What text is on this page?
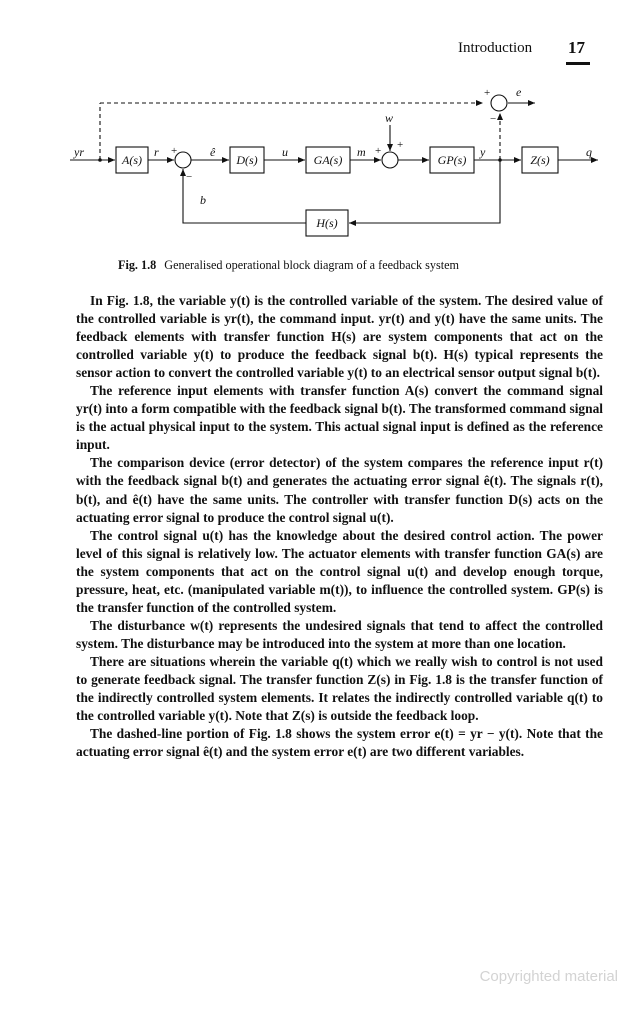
Introduction 17
A(s)	D(s)	GA(s)	GP(s)	Z(s)
H(s)
yr	r	ê	u	m
w
y	q
b
e
+
−
+ +
+
−
Fig. 1.8 Generalised operational block diagram of a feedback system

In Fig. 1.8, the variable y(t) is the controlled variable of the system. The desired value of the controlled variable is yr(t), the command input. yr(t) and y(t) have the same units. The feedback elements with transfer function H(s) are system components that act on the controlled variable y(t) to produce the feedback signal b(t). H(s) typical represents the sensor action to convert the controlled variable y(t) to an electrical sensor output signal b(t).

The reference input elements with transfer function A(s) convert the command signal yr(t) into a form compatible with the feedback signal b(t). The transformed command signal is the actual physical input to the system. This actual signal input is defined as the reference input.

The comparison device (error detector) of the system compares the reference input r(t) with the feedback signal b(t) and generates the actuating error signal ê(t). The signals r(t), b(t), and ê(t) have the same units. The controller with transfer function D(s) acts on the actuating error signal to produce the control signal u(t).

The control signal u(t) has the knowledge about the desired control action. The power level of this signal is relatively low. The actuator elements with transfer function GA(s) are the system components that act on the control signal u(t) and develop enough torque, pressure, heat, etc. (manipulated variable m(t)), to influence the controlled system. GP(s) is the transfer function of the controlled system.

The disturbance w(t) represents the undesired signals that tend to affect the controlled system. The disturbance may be introduced into the system at more than one location.

There are situations wherein the variable q(t) which we really wish to control is not used to generate feedback signal. The transfer function Z(s) in Fig. 1.8 is the transfer function of the indirectly controlled system elements. It relates the indirectly controlled variable q(t) to the controlled variable y(t). Note that Z(s) is outside the feedback loop.

The dashed-line portion of Fig. 1.8 shows the system error e(t) = yr − y(t). Note that the actuating error signal ê(t) and the system error e(t) are two different variables.

Copyrighted material
